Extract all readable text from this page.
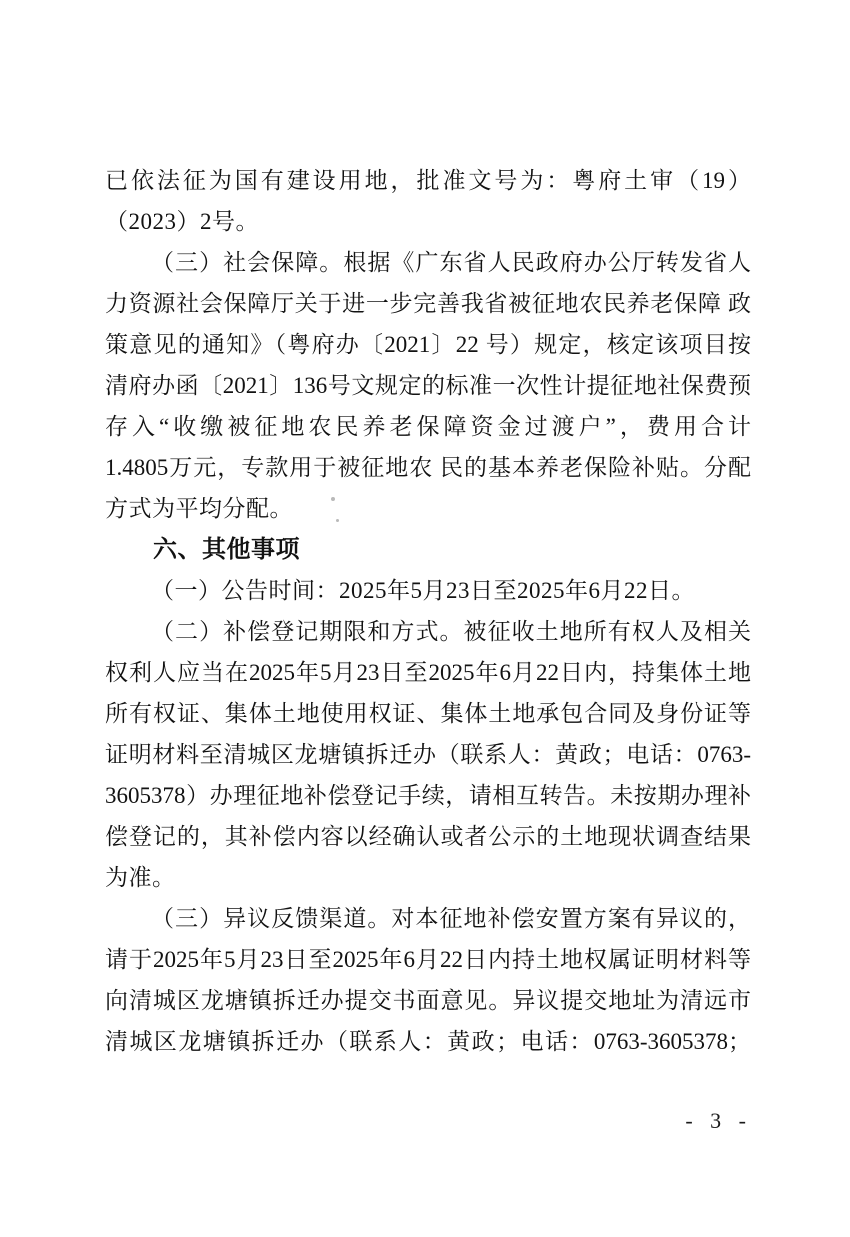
已依法征为国有建设用地，批准文号为：粤府土审（19）
（2023）2号。
（三）社会保障。根据《广东省人民政府办公厅转发省人
力资源社会保障厅关于进一步完善我省被征地农民养老保障 政
策意见的通知》（粤府办〔2021〕22 号）规定，核定该项目按
清府办函〔2021〕136号文规定的标准一次性计提征地社保费预
存入“收缴被征地农民养老保障资金过渡户”，费用合计
1.4805万元，专款用于被征地农 民的基本养老保险补贴。分配
方式为平均分配。
六、其他事项
（一）公告时间：2025年5月23日至2025年6月22日。
（二）补偿登记期限和方式。被征收土地所有权人及相关
权利人应当在2025年5月23日至2025年6月22日内，持集体土地
所有权证、集体土地使用权证、集体土地承包合同及身份证等
证明材料至清城区龙塘镇拆迁办（联系人：黄政；电话：0763-
3605378）办理征地补偿登记手续，请相互转告。未按期办理补
偿登记的，其补偿内容以经确认或者公示的土地现状调查结果
为准。
（三）异议反馈渠道。对本征地补偿安置方案有异议的，
请于2025年5月23日至2025年6月22日内持土地权属证明材料等
向清城区龙塘镇拆迁办提交书面意见。异议提交地址为清远市
清城区龙塘镇拆迁办（联系人：黄政；电话：0763-3605378；
- 3 -
